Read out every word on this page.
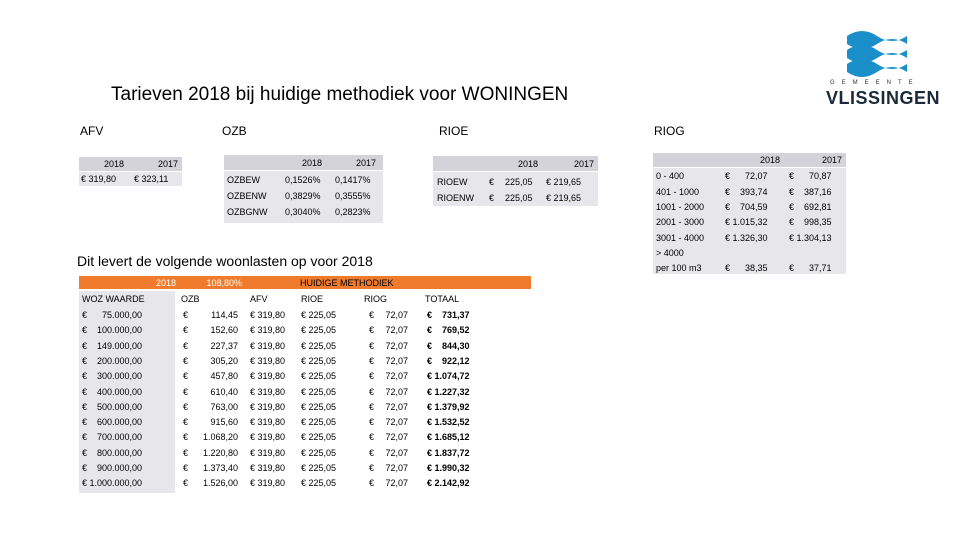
Tarieven 2018 bij huidige methodiek voor WONINGEN
GEMEENTE
VLISSINGEN
AFV	OZB	RIOE	RIOG
2018	2017
€ 319,80 € 323,11
2018	2017
OZBEW	0,1526% 0,1417%
OZBENW 0,3829% 0,3555%
OZBGNW 0,3040% 0,2823%
2018	2017
RIOEW € 225,05 € 219,65
RIOENW € 225,05 € 219,65
2018	2017
0 - 400	€      72,07 €      70,87
401 - 1000	€    393,74 €    387,16
1001 - 2000 €    704,59 €    692,81
2001 - 3000 € 1.015,32 €    998,35
3001 - 4000 € 1.326,30 € 1.304,13
> 4000
per 100 m3	€      38,35 €      37,71
Dit levert de volgende woonlasten op voor 2018
2018	108,80%	HUIDIGE METHODIEK
WOZ WAARDE	OZB	AFV	RIOE	RIOG	TOTAAL
€      75.000,00	€	114,45 € 319,80 € 225,05	€	72,07 €    731,37
€    100.000,00	€	152,60 € 319,80 € 225,05	€	72,07 €    769,52
€    149.000,00	€	227,37 € 319,80 € 225,05	€	72,07 €    844,30
€    200.000,00	€	305,20 € 319,80 € 225,05	€	72,07 €    922,12
€    300.000,00	€	457,80 € 319,80 € 225,05	€	72,07 € 1.074,72
€    400.000,00	€	610,40 € 319,80 € 225,05	€	72,07 € 1.227,32
€    500.000,00	€	763,00 € 319,80 € 225,05	€	72,07 € 1.379,92
€    600.000,00	€	915,60 € 319,80 € 225,05	€	72,07 € 1.532,52
€    700.000,00	€	1.068,20 € 319,80 € 225,05	€	72,07 € 1.685,12
€    800.000,00	€	1.220,80 € 319,80 € 225,05	€	72,07 € 1.837,72
€    900.000,00	€	1.373,40 € 319,80 € 225,05	€	72,07 € 1.990,32
€ 1.000.000,00	€	1.526,00 € 319,80 € 225,05	€	72,07 € 2.142,92
